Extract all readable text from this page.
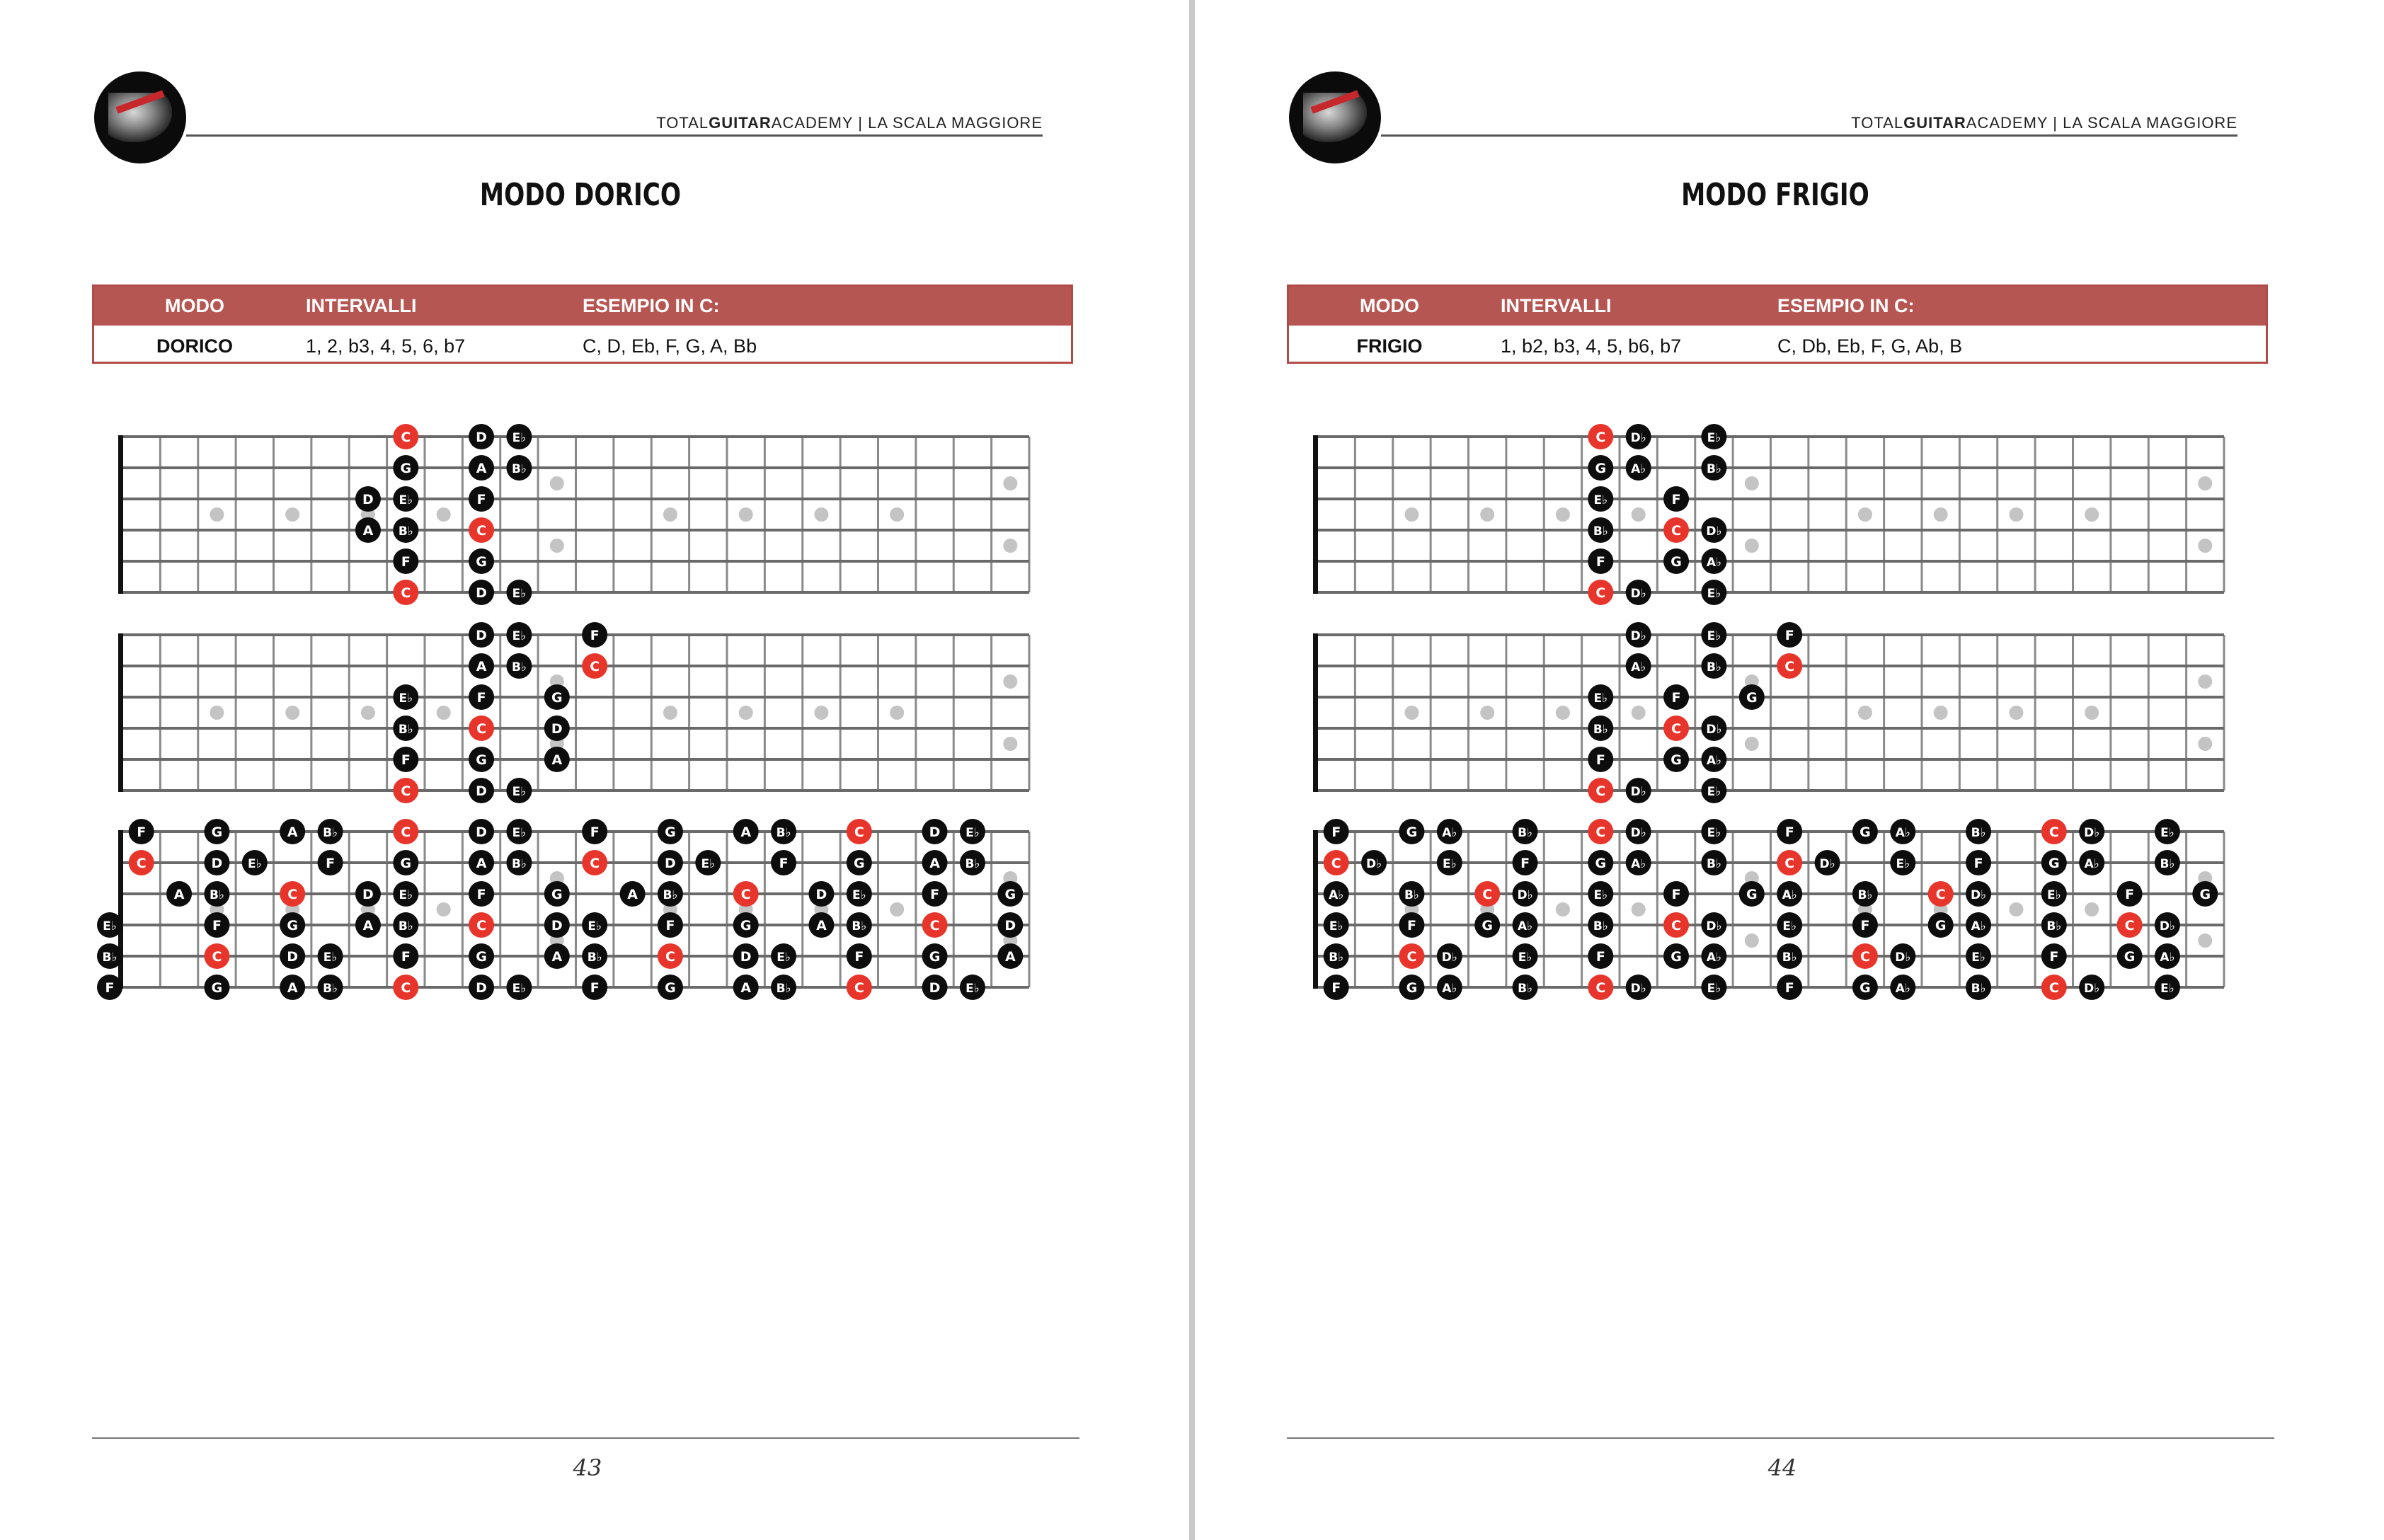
TOTALGUITARACADEMY | LA SCALA MAGGIORE
MODO DORICO
MODO	INTERVALLI	ESEMPIO IN C:
DORICO	1, 2, b3, 4, 5, 6, b7	C, D, Eb, F, G, A, Bb
C	D E♭
G	A B♭
D E♭	F
A B♭	C
F	G
C	D E♭
D E♭	F
A B♭	C
E♭	F	G
B♭	C	D
F	G	A
C	D E♭
F	G	A B♭	C	D E♭	F	G	A B♭	C	D E♭
C	D E♭	F	G	A B♭	C	D E♭	F	G	A B♭
A B♭	C	D E♭	F	G	A B♭	C	D E♭	F	G
E♭	F	G	A B♭	C	D E♭	F	G	A B♭	C	D
B♭	C	D E♭	F	G	A B♭	C	D E♭	F	G	A
F	G	A B♭	C	D E♭	F	G	A B♭	C	D E♭
43
TOTALGUITARACADEMY | LA SCALA MAGGIORE
MODO FRIGIO
MODO	INTERVALLI	ESEMPIO IN C:
FRIGIO	1, b2, b3, 4, 5, b6, b7	C, Db, Eb, F, G, Ab, B
C D♭	E♭
G A♭	B♭
E♭	F
B♭	C D♭
F	G A♭
C D♭	E♭
D♭	E♭	F
A♭	B♭	C
E♭	F	G
B♭	C D♭
F	G A♭
C D♭	E♭
F	G A♭	B♭	C D♭	E♭	F	G A♭	B♭	C D♭	E♭
C D♭	E♭	F	G A♭	B♭	C D♭	E♭	F	G A♭	B♭
A♭	B♭	C D♭	E♭	F	G A♭	B♭	C D♭	E♭	F	G
E♭	F	G A♭	B♭	C D♭	E♭	F	G A♭	B♭	C D♭
B♭	C D♭	E♭	F	G A♭	B♭	C D♭	E♭	F	G A♭
F	G A♭	B♭	C D♭	E♭	F	G A♭	B♭	C D♭	E♭
44
